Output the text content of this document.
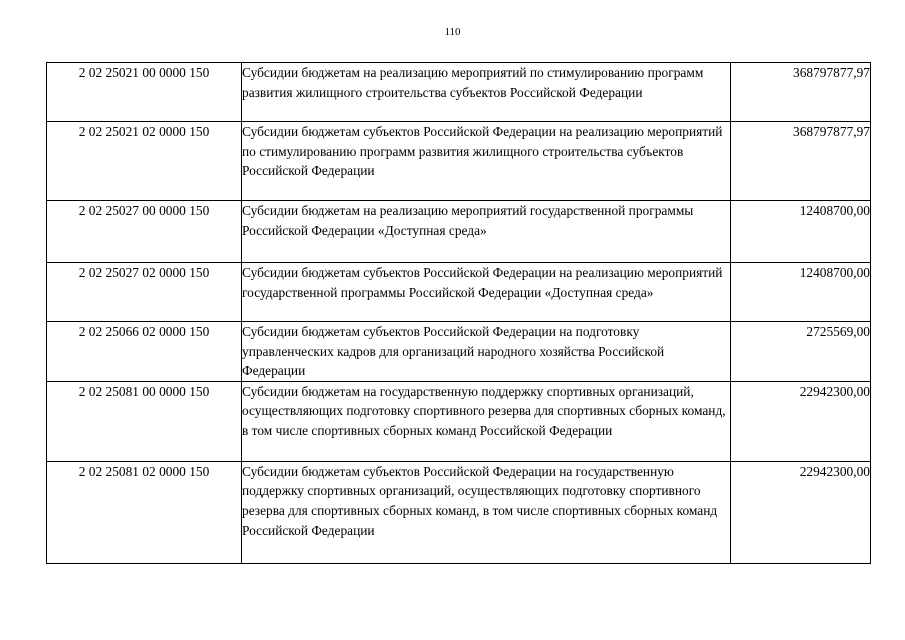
110
2 02 25021 00 0000 150	Субсидии бюджетам на реализацию мероприятий по стимулированию программ развития жилищного строительства субъектов Российской Федерации	368797877,97
2 02 25021 02 0000 150	Субсидии бюджетам субъектов Российской Федерации на реализацию мероприятий по стимулированию программ развития жилищного строительства субъектов Российской Федерации	368797877,97
2 02 25027 00 0000 150	Субсидии бюджетам на реализацию мероприятий государственной программы Российской Федерации «Доступная среда»	12408700,00
2 02 25027 02 0000 150	Субсидии бюджетам субъектов Российской Федерации на реализацию мероприятий государственной программы Российской Федерации «Доступная среда»	12408700,00
2 02 25066 02 0000 150	Субсидии бюджетам субъектов Российской Федерации на подготовку управленческих кадров для организаций народного хозяйства Российской Федерации	2725569,00
2 02 25081 00 0000 150	Субсидии бюджетам на государственную поддержку спортивных организаций, осуществляющих подготовку спортивного резерва для спортивных сборных команд, в том числе спортивных сборных команд Российской Федерации	22942300,00
2 02 25081 02 0000 150	Субсидии бюджетам субъектов Российской Федерации на государственную поддержку спортивных организаций, осуществляющих подготовку спортивного резерва для спортивных сборных команд, в том числе спортивных сборных команд Российской Федерации	22942300,00
